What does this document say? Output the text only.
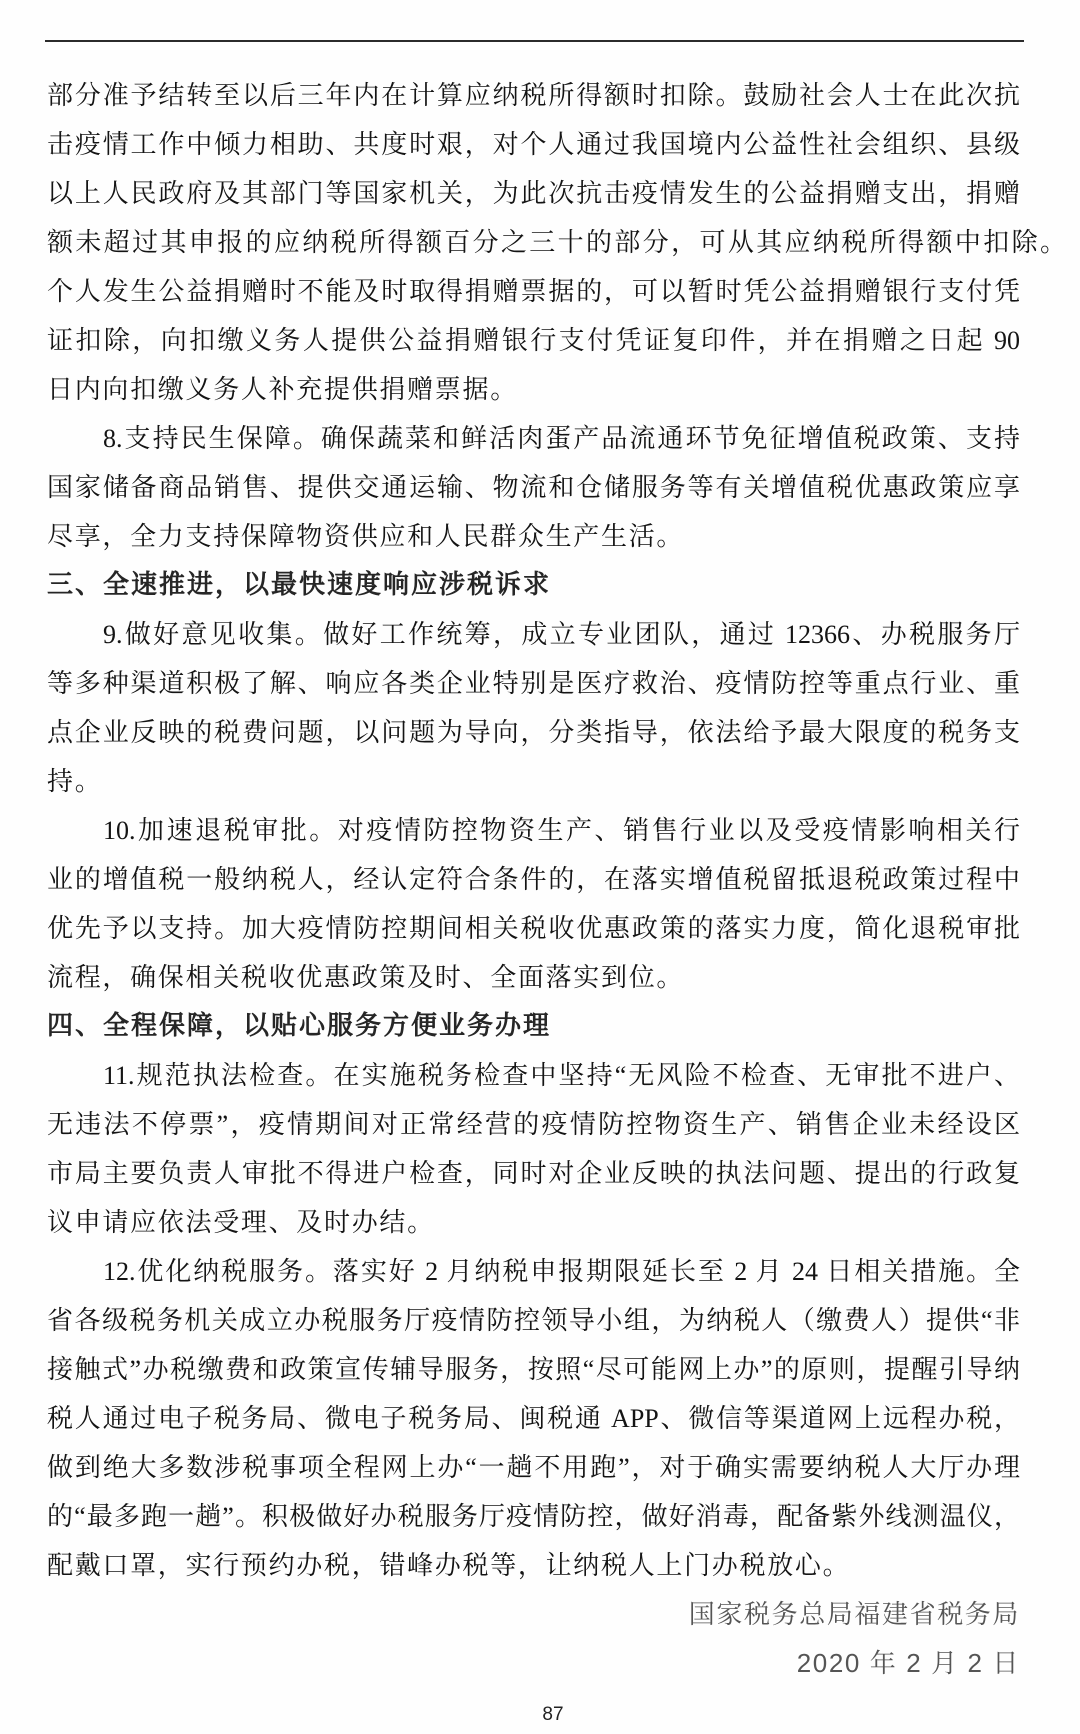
部分准予结转至以后三年内在计算应纳税所得额时扣除。鼓励社会人士在此次抗
击疫情工作中倾力相助、共度时艰，对个人通过我国境内公益性社会组织、县级
以上人民政府及其部门等国家机关，为此次抗击疫情发生的公益捐赠支出，捐赠
额未超过其申报的应纳税所得额百分之三十的部分，可从其应纳税所得额中扣除。
个人发生公益捐赠时不能及时取得捐赠票据的，可以暂时凭公益捐赠银行支付凭
证扣除，向扣缴义务人提供公益捐赠银行支付凭证复印件，并在捐赠之日起 90
日内向扣缴义务人补充提供捐赠票据。
8.支持民生保障。确保蔬菜和鲜活肉蛋产品流通环节免征增值税政策、支持
国家储备商品销售、提供交通运输、物流和仓储服务等有关增值税优惠政策应享
尽享，全力支持保障物资供应和人民群众生产生活。
三、全速推进，以最快速度响应涉税诉求
9.做好意见收集。做好工作统筹，成立专业团队，通过 12366、办税服务厅
等多种渠道积极了解、响应各类企业特别是医疗救治、疫情防控等重点行业、重
点企业反映的税费问题，以问题为导向，分类指导，依法给予最大限度的税务支
持。
10.加速退税审批。对疫情防控物资生产、销售行业以及受疫情影响相关行
业的增值税一般纳税人，经认定符合条件的，在落实增值税留抵退税政策过程中
优先予以支持。加大疫情防控期间相关税收优惠政策的落实力度，简化退税审批
流程，确保相关税收优惠政策及时、全面落实到位。
四、全程保障，以贴心服务方便业务办理
11.规范执法检查。在实施税务检查中坚持“无风险不检查、无审批不进户、
无违法不停票”，疫情期间对正常经营的疫情防控物资生产、销售企业未经设区
市局主要负责人审批不得进户检查，同时对企业反映的执法问题、提出的行政复
议申请应依法受理、及时办结。
12.优化纳税服务。落实好 2 月纳税申报期限延长至 2 月 24 日相关措施。全
省各级税务机关成立办税服务厅疫情防控领导小组，为纳税人（缴费人）提供“非
接触式”办税缴费和政策宣传辅导服务，按照“尽可能网上办”的原则，提醒引导纳
税人通过电子税务局、微电子税务局、闽税通 APP、微信等渠道网上远程办税，
做到绝大多数涉税事项全程网上办“一趟不用跑”，对于确实需要纳税人大厅办理
的“最多跑一趟”。积极做好办税服务厅疫情防控，做好消毒，配备紫外线测温仪，
配戴口罩，实行预约办税，错峰办税等，让纳税人上门办税放心。
国家税务总局福建省税务局
2020 年 2 月 2 日
87
